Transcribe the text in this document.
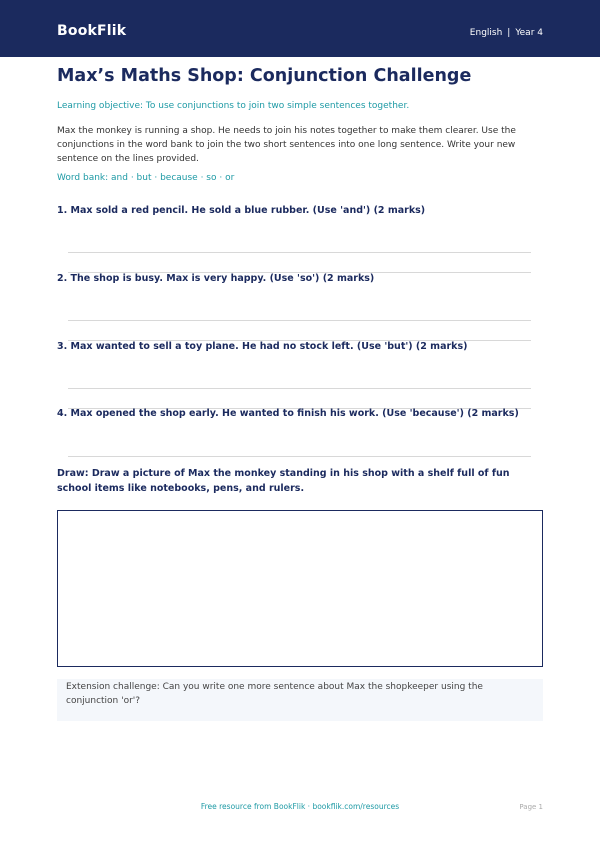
BookFlik	English | Year 4
Max’s Maths Shop: Conjunction Challenge

Learning objective: To use conjunctions to join two simple sentences together.

Max the monkey is running a shop. He needs to join his notes together to make them clearer. Use the conjunctions in the word bank to join the two short sentences into one long sentence. Write your new sentence on the lines provided.

Word bank: and · but · because · so · or

1. Max sold a red pencil. He sold a blue rubber. (Use 'and') (2 marks)
2. The shop is busy. Max is very happy. (Use 'so') (2 marks)
3. Max wanted to sell a toy plane. He had no stock left. (Use 'but') (2 marks)
4. Max opened the shop early. He wanted to finish his work. (Use 'because') (2 marks)

Draw: Draw a picture of Max the monkey standing in his shop with a shelf full of fun school items like notebooks, pens, and rulers.

Extension challenge: Can you write one more sentence about Max the shopkeeper using the conjunction 'or'?
Free resource from BookFlik · bookflik.com/resources	Page 1
